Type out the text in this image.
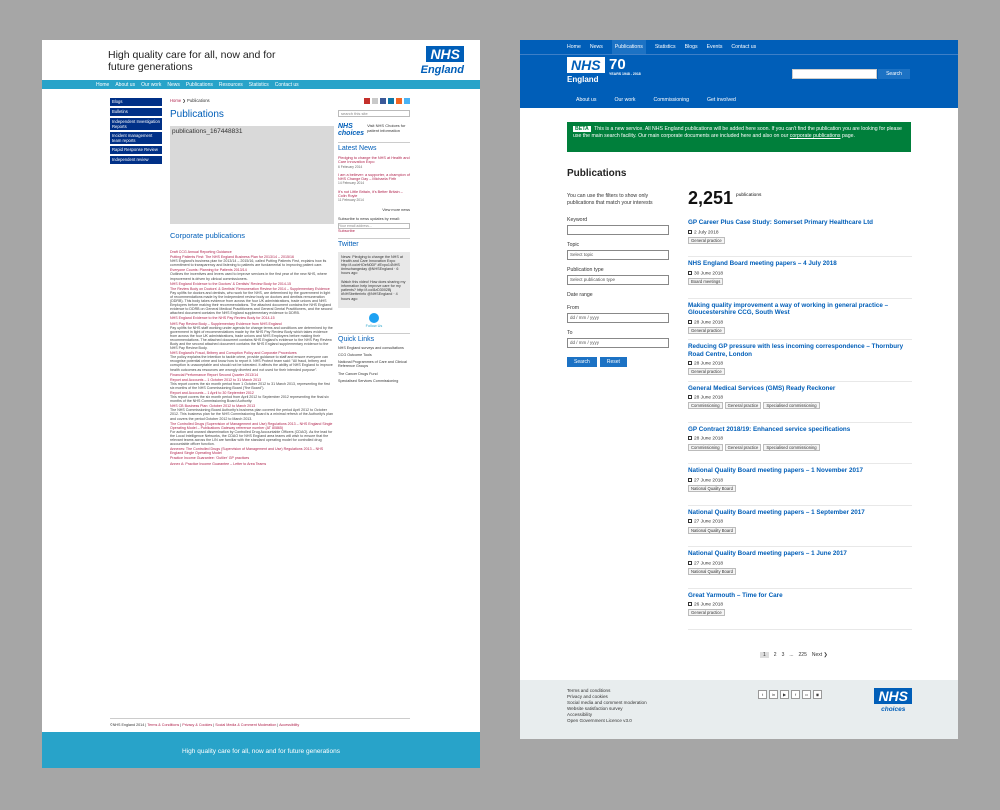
High quality care for all, now and for future generations
NHS
England
Home About us Our work News Publications Resources Statistics Contact us
Blogs
Bulletins
Independent Investigation Reports
Incident management team reports
Rapid Response Review
Independent review
Home ❯ Publications
Publications
publications_167448831
Corporate publications
Draft CCG Annual Reporting Guidance
Putting Patients First: The NHS England Business Plan for 2013/14 – 2015/16
NHS England's business plan for 2013/14 – 2015/16, called Putting Patients First, explains how its commitment to transparency and listening to patients are fundamental to improving patient care.
Everyone Counts: Planning for Patients 2013/14
Outlines the incentives and levers used to improve services in the first year of the new NHS, where improvement is driven by clinical commissioners.
NHS England Evidence to the Doctors' & Dentists' Review Body for 2014-15
The Review Body on Doctors' & Dentists' Remuneration Review for 2014 – Supplementary Evidence
Pay uplifts for doctors and dentists, who work for the NHS, are determined by the government in light of recommendations made by the independent review body on doctors and dentists remuneration (DDRB). This body takes evidence from across the four UK administrations, trade unions and NHS Employers before making their recommendations. The attached document contains the NHS England evidence to DDRB on General Medical Practitioners and General Dental Practitioners, and the second attached document contains the NHS England supplementary evidence to DDRB.
NHS England Evidence to the NHS Pay Review Body for 2014-15
NHS Pay Review Body – Supplementary Evidence from NHS England
Pay uplifts for NHS staff working under agenda for change terms and conditions are determined by the government in light of recommendations made by the NHS Pay Review Body which takes evidence from across the four UK administrations, trade unions and NHS Employers before making their recommendations. The attached document contains NHS England's evidence to the NHS Pay Review Body and the second attached document contains the NHS England supplementary evidence to the NHS Pay Review Body.
NHS England's Fraud, Bribery and Corruption Policy and Corporate Procedures
The policy explains the intention to tackle crime, provide guidance to staff and ensure everyone can recognise potential crime and know how to report it. NHS Protect team said: "All fraud, bribery and corruption is unacceptable and should not be tolerated. It affects the ability of NHS England to improve health outcomes as resources are wrongly diverted and not used for their intended purpose".
Financial Performance Report Second Quarter 2013/14
Report and Accounts – 1 October 2012 to 31 March 2013
This report covers the six month period from 1 October 2012 to 31 March 2013, representing the first six months of the NHS Commissioning Board ("the Board").
Report and Accounts – 1 April to 30 September 2012
This report covers the six month period from April 2012 to September 2012 representing the final six months of the NHS Commissioning Board Authority.
NHS CB Business Plan: October 2012 to March 2013
The NHS Commissioning Board Authority's business plan covered the period April 2012 to October 2012. This business plan for the NHS Commissioning Board is a minimal refresh of the Authority's plan and covers the period October 2012 to March 2013.
The Controlled Drugs (Supervision of Management and Use) Regulations 2013 – NHS England Single Operating Model – Publications Gateway reference number (AT 80865)
For action and onward dissemination by Controlled Drug Accountable Officers (CDAO). As the lead for the Local Intelligence Networks, the CDAO for NHS England area teams will wish to ensure that the relevant teams across the LIN are familiar with the standard operating model for controlled drug accountable officer function.
Annexes: The Controlled Drugs (Supervision of Management and Use) Regulations 2013 – NHS England Single Operating Model
Practice Income Guarantee: 'Outlier' GP practices
Annex A: Practice Income Guarantee – Letter to Area Teams
search this site
NHS choices
Visit NHS Choices for patient information
Latest News
Pledging to change the NHS at Health and Care Innovation Expo
6 February 2014
I am a believer: a supporter, a champion of NHS Change Day – Michaela Firth
14 February 2014
It's not Little Britain, it's Better Britain – Colin Royle
11 February 2014
View more news
Subscribe to news updates by email:
Your email address...
Subscribe
Twitter
News: Pledging to change the NHS at Health and Care Innovation Expo http://t.co/eHOeN0DF #Expo14NHS #nhschangeday @NHSEngland · 6 hours ago
Watch this video! How does sharing my information help improve care for my patients? http://t.co/8zD3002Bj #NHSbetterinfo @NHSEngland · 4 hours ago
Follow Us
Quick Links
NHS England surveys and consultations
CCG Outcome Tools
National Programmes of Care and Clinical Reference Groups
The Cancer Drugs Fund
Specialised Services Commissioning
©NHS England 2014 | Terms & Conditions | Privacy & Cookies | Social Media & Comment Moderation | Accessibility
High quality care for all, now and for future generations
Home News	Publications	Statistics Blogs Events Contact us
NHS
England
70
YEARS 1948 - 2018	Search
About us	Our work	Commissioning	Get involved
BETA This is a new service. All NHS England publications will be added here soon. If you can't find the publication you are looking for please use the main search facility. Our main corporate documents are included here and also on our corporate publications page.
Publications
You can use the filters to show only publications that match your interests
Keyword
Topic
Select topic
Publication type
Select publication type
Date range
From
dd / mm / yyyy
To
dd / mm / yyyy
Search	Reset
2,251 publications
GP Career Plus Case Study: Somerset Primary Healthcare Ltd
2 July 2018
General practice
NHS England Board meeting papers – 4 July 2018
30 June 2018
Board meetings
Making quality improvement a way of working in general practice – Gloucestershire CCG, South West
28 June 2018
General practice
Reducing GP pressure with less incoming correspondence – Thornbury Road Centre, London
28 June 2018
General practice
General Medical Services (GMS) Ready Reckoner
28 June 2018
Commissioning	General practice	Specialised commissioning
GP Contract 2018/19: Enhanced service specifications
28 June 2018
Commissioning	General practice	Specialised commissioning
National Quality Board meeting papers – 1 November 2017
27 June 2018
National Quality Board
National Quality Board meeting papers – 1 September 2017
27 June 2018
National Quality Board
National Quality Board meeting papers – 1 June 2017
27 June 2018
National Quality Board
Great Yarmouth – Time for Care
26 June 2018
General practice
1	2 3 ... 225 Next ❯
Terms and conditions
Privacy and cookies
Social media and comment moderation
Website satisfaction survey
Accessibility
Open Government Licence v3.0
t	in	▶	f	••	◉	NHS
choices
